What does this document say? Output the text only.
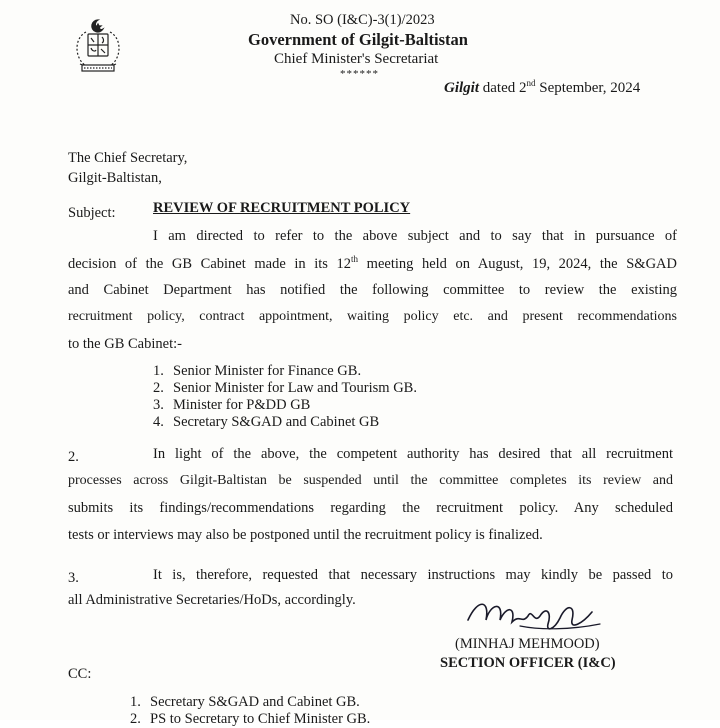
No. SO (I&C)-3(1)/2023
Government of Gilgit-Baltistan
Chief Minister's Secretariat
******
Gilgit dated 2nd September, 2024
The Chief Secretary,
Gilgit-Baltistan,
Subject:	REVIEW OF RECRUITMENT POLICY
I am directed to refer to the above subject and to say that in pursuance of
decision of the GB Cabinet made in its 12th meeting held on August, 19, 2024, the S&GAD
and Cabinet Department has notified the following committee to review the existing
recruitment policy, contract appointment, waiting policy etc. and present recommendations
to the GB Cabinet:-
1. Senior Minister for Finance GB.
2. Senior Minister for Law and Tourism GB.
3. Minister for P&DD GB
4. Secretary S&GAD and Cabinet GB
2.	In light of the above, the competent authority has desired that all recruitment
processes across Gilgit-Baltistan be suspended until the committee completes its review and
submits its findings/recommendations regarding the recruitment policy. Any scheduled
tests or interviews may also be postponed until the recruitment policy is finalized.
3.	It is, therefore, requested that necessary instructions may kindly be passed to
all Administrative Secretaries/HoDs, accordingly.
(MINHAJ MEHMOOD)
SECTION OFFICER (I&C)
CC:
1. Secretary S&GAD and Cabinet GB.
2. PS to Secretary to Chief Minister GB.
